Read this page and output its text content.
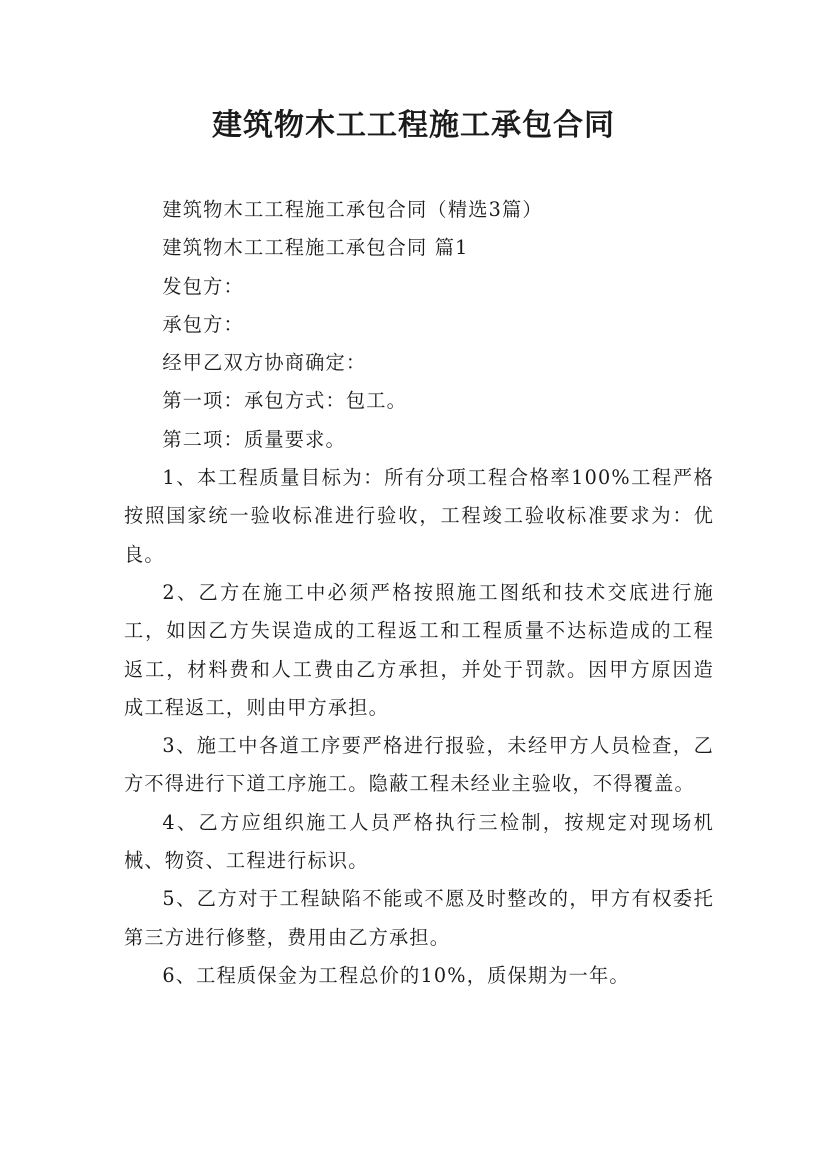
建筑物木工工程施工承包合同

建筑物木工工程施工承包合同（精选3篇）

建筑物木工工程施工承包合同 篇1

发包方：

承包方：

经甲乙双方协商确定：

第一项：承包方式：包工。

第二项：质量要求。

1、本工程质量目标为：所有分项工程合格率100%工程严格按照国家统一验收标准进行验收，工程竣工验收标准要求为：优良。

2、乙方在施工中必须严格按照施工图纸和技术交底进行施工，如因乙方失误造成的工程返工和工程质量不达标造成的工程返工，材料费和人工费由乙方承担，并处于罚款。因甲方原因造成工程返工，则由甲方承担。

3、施工中各道工序要严格进行报验，未经甲方人员检查，乙方不得进行下道工序施工。隐蔽工程未经业主验收，不得覆盖。

4、乙方应组织施工人员严格执行三检制，按规定对现场机械、物资、工程进行标识。

5、乙方对于工程缺陷不能或不愿及时整改的，甲方有权委托第三方进行修整，费用由乙方承担。

6、工程质保金为工程总价的10%，质保期为一年。
